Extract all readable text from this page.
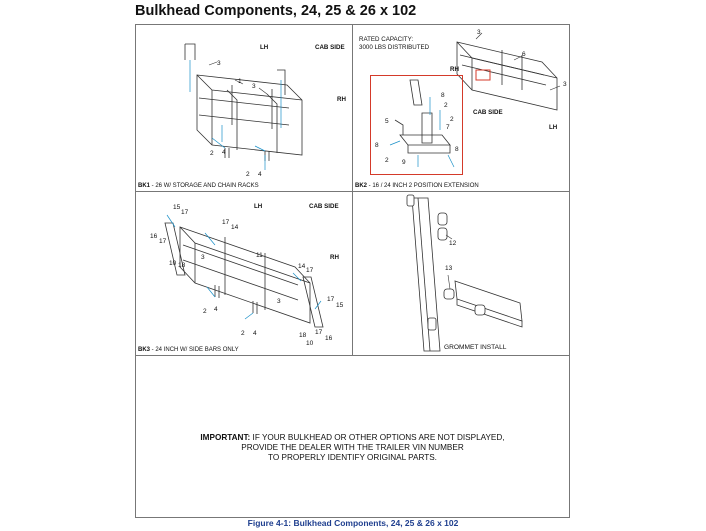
Bulkhead Components, 24, 25 & 26 x 102
LH	CAB SIDE
RH
3
1
3
2 4
2 4
BK1 - 26 W/ STORAGE AND CHAIN RACKS
RATED CAPACITY:
3000 LBS DISTRIBUTED
RH
CAB SIDE
LH
3
6
3
8
2
5
7
2
8
9
8
2
BK2 - 16 / 24 INCH 2 POSITION EXTENSION
LH	CAB SIDE
RH
15
17
16
17
17
14
3
10 18
11
14
17
2 4
3	17
15
2 4	18 17
16
10
BK3 - 24 INCH W/ SIDE BARS ONLY
12
13
GROMMET INSTALL
IMPORTANT: IF YOUR BULKHEAD OR OTHER OPTIONS ARE NOT DISPLAYED,
PROVIDE THE DEALER WITH THE TRAILER VIN NUMBER
TO PROPERLY IDENTIFY ORIGINAL PARTS.
Figure 4-1: Bulkhead Components, 24, 25 & 26 x 102
